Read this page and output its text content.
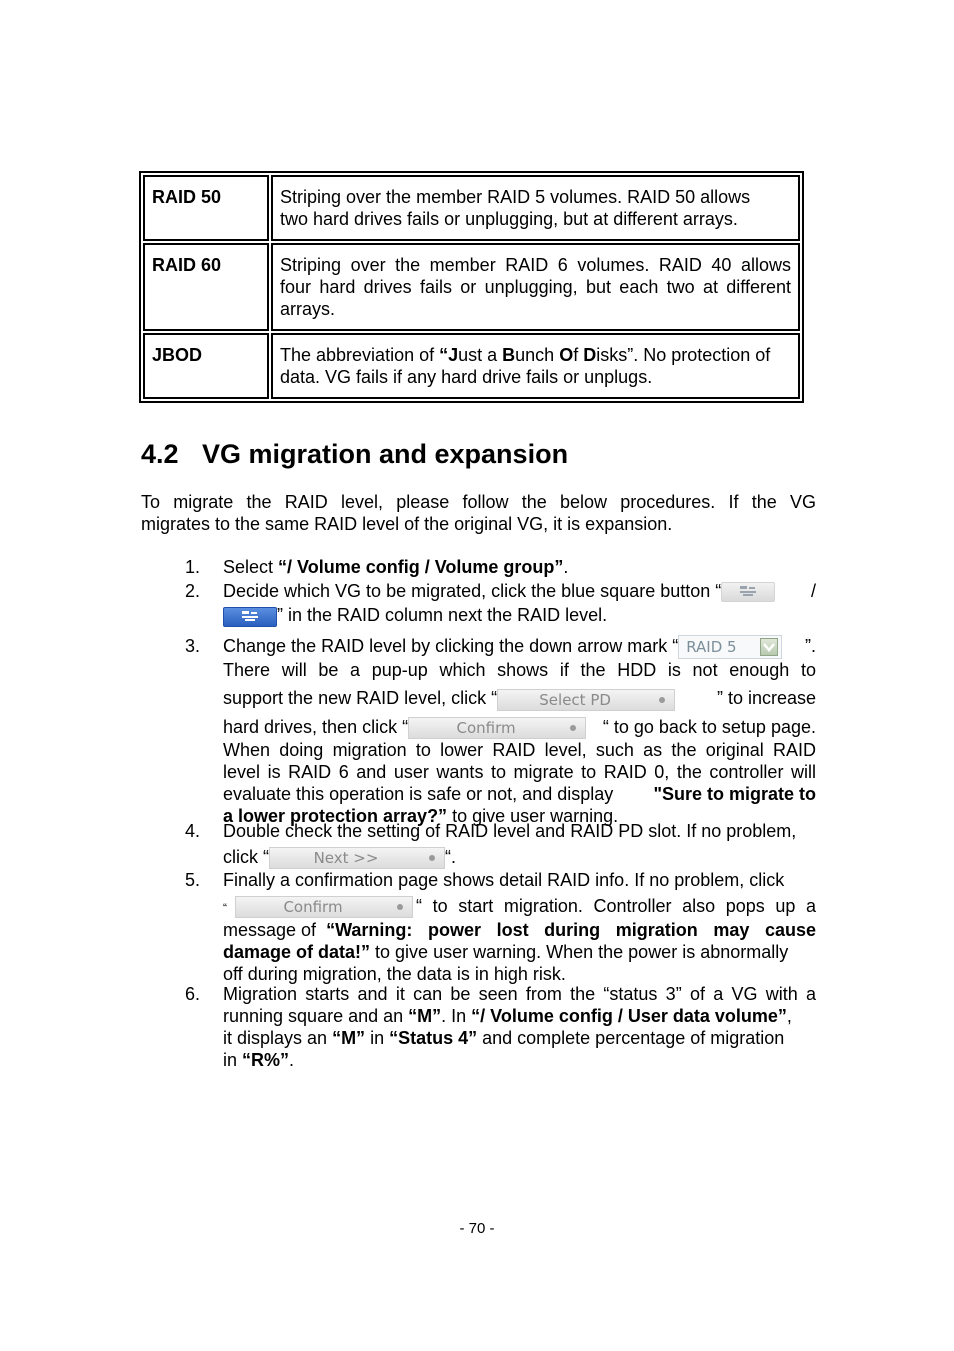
RAID 50	Striping over the member RAID 5 volumes. RAID 50 allows
two hard drives fails or unplugging, but at different arrays.
RAID 60	Striping over the member RAID 6 volumes. RAID 40 allows
four hard drives fails or unplugging, but each two at different
arrays.
JBOD	The abbreviation of “Just a Bunch Of Disks”. No protection of
data. VG fails if any hard drive fails or unplugs.
4.2 VG migration and expansion
To migrate the RAID level, please follow the below procedures. If the VG
migrates to the same RAID level of the original VG, it is expansion.
1. Select “/ Volume config / Volume group”.
2. Decide which VG to be migrated, click the blue square button “	/
” in the RAID column next the RAID level.
3. Change the RAID level by clicking the down arrow mark “ RAID 5	”.
There will be a pup-up which shows if the HDD is not enough to
support the new RAID level, click “	Select PD	” to increase
hard drives, then click “	Confirm	“ to go back to setup page.
When doing migration to lower RAID level, such as the original RAID
level is RAID 6 and user wants to migrate to RAID 0, the controller will
evaluate this operation is safe or not, and display "Sure to migrate to
a lower protection array?” to give user warning.
4. Double check the setting of RAID level and RAID PD slot. If no problem,
click “	Next >>	“.
5. Finally a confirmation page shows detail RAID info. If no problem, click
“	Confirm	“ to start migration. Controller also pops up a
message of “Warning: power lost during migration may cause
damage of data!” to give user warning. When the power is abnormally
off during migration, the data is in high risk.
6. Migration starts and it can be seen from the “status 3” of a VG with a
running square and an “M”. In “/ Volume config / User data volume”,
it displays an “M” in “Status 4” and complete percentage of migration
in “R%”.
- 70 -
